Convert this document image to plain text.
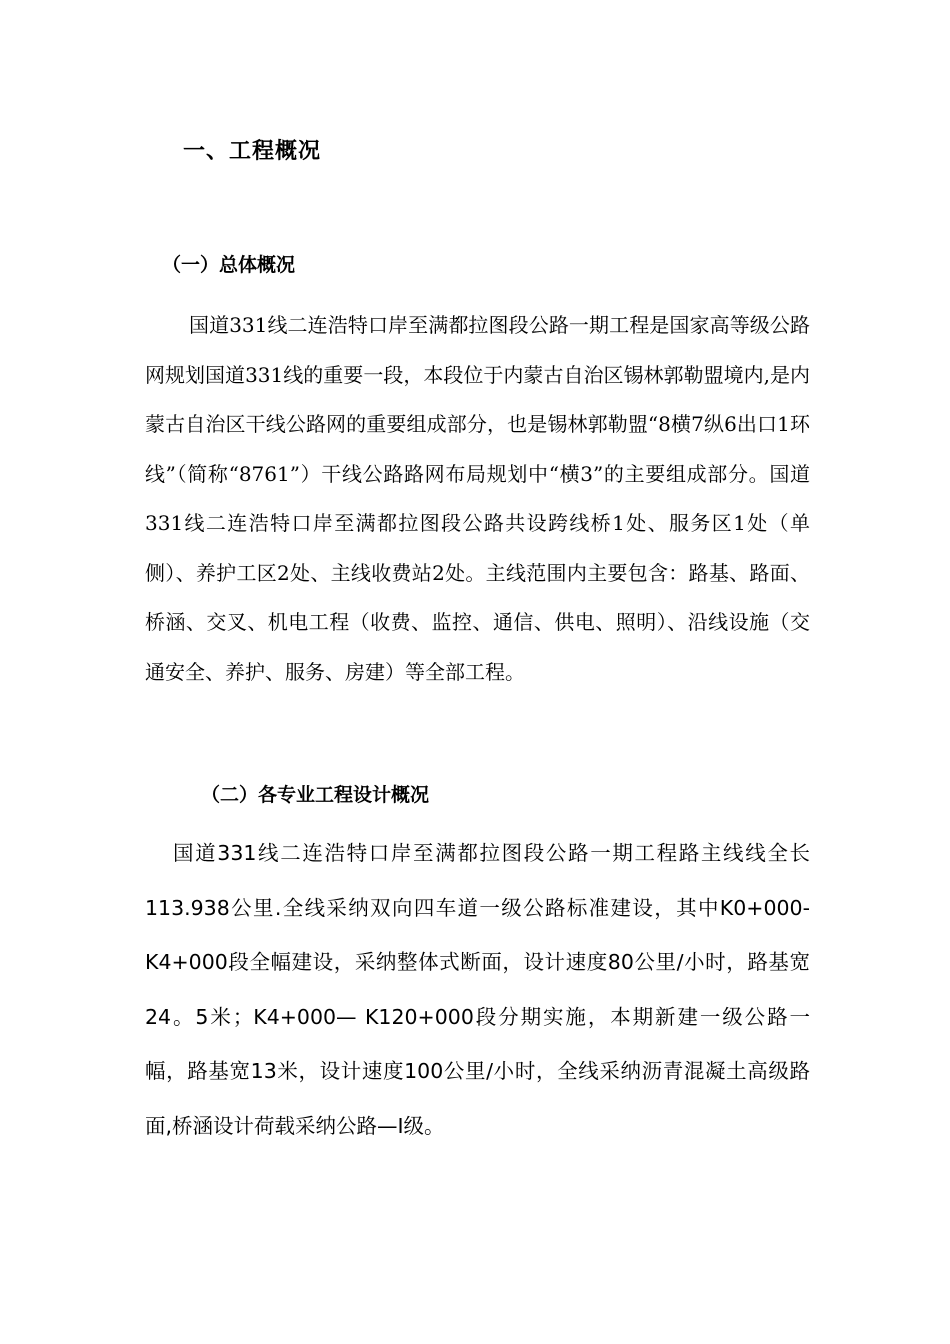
一、工程概况
（一）总体概况

国道331线二连浩特口岸至满都拉图段公路一期工程是国家高等级公路网规划国道331线的重要一段，本段位于内蒙古自治区锡林郭勒盟境内,是内蒙古自治区干线公路网的重要组成部分，也是锡林郭勒盟“8横7纵6出口1环线”（简称“8761”）干线公路路网布局规划中“横3”的主要组成部分。国道331线二连浩特口岸至满都拉图段公路共设跨线桥1处、服务区1处（单侧）、养护工区2处、主线收费站2处。主线范围内主要包含：路基、路面、桥涵、交叉、机电工程（收费、监控、通信、供电、照明）、沿线设施（交通安全、养护、服务、房建）等全部工程。

（二）各专业工程设计概况

国道331线二连浩特口岸至满都拉图段公路一期工程路主线线全长113.938公里.全线采纳双向四车道一级公路标准建设，其中K0+000-K4+000段全幅建设，采纳整体式断面，设计速度80公里/小时，路基宽24。5米；K4+000— K120+000段分期实施，本期新建一级公路一幅，路基宽13米，设计速度100公里/小时，全线采纳沥青混凝土高级路面,桥涵设计荷载采纳公路—I级。
